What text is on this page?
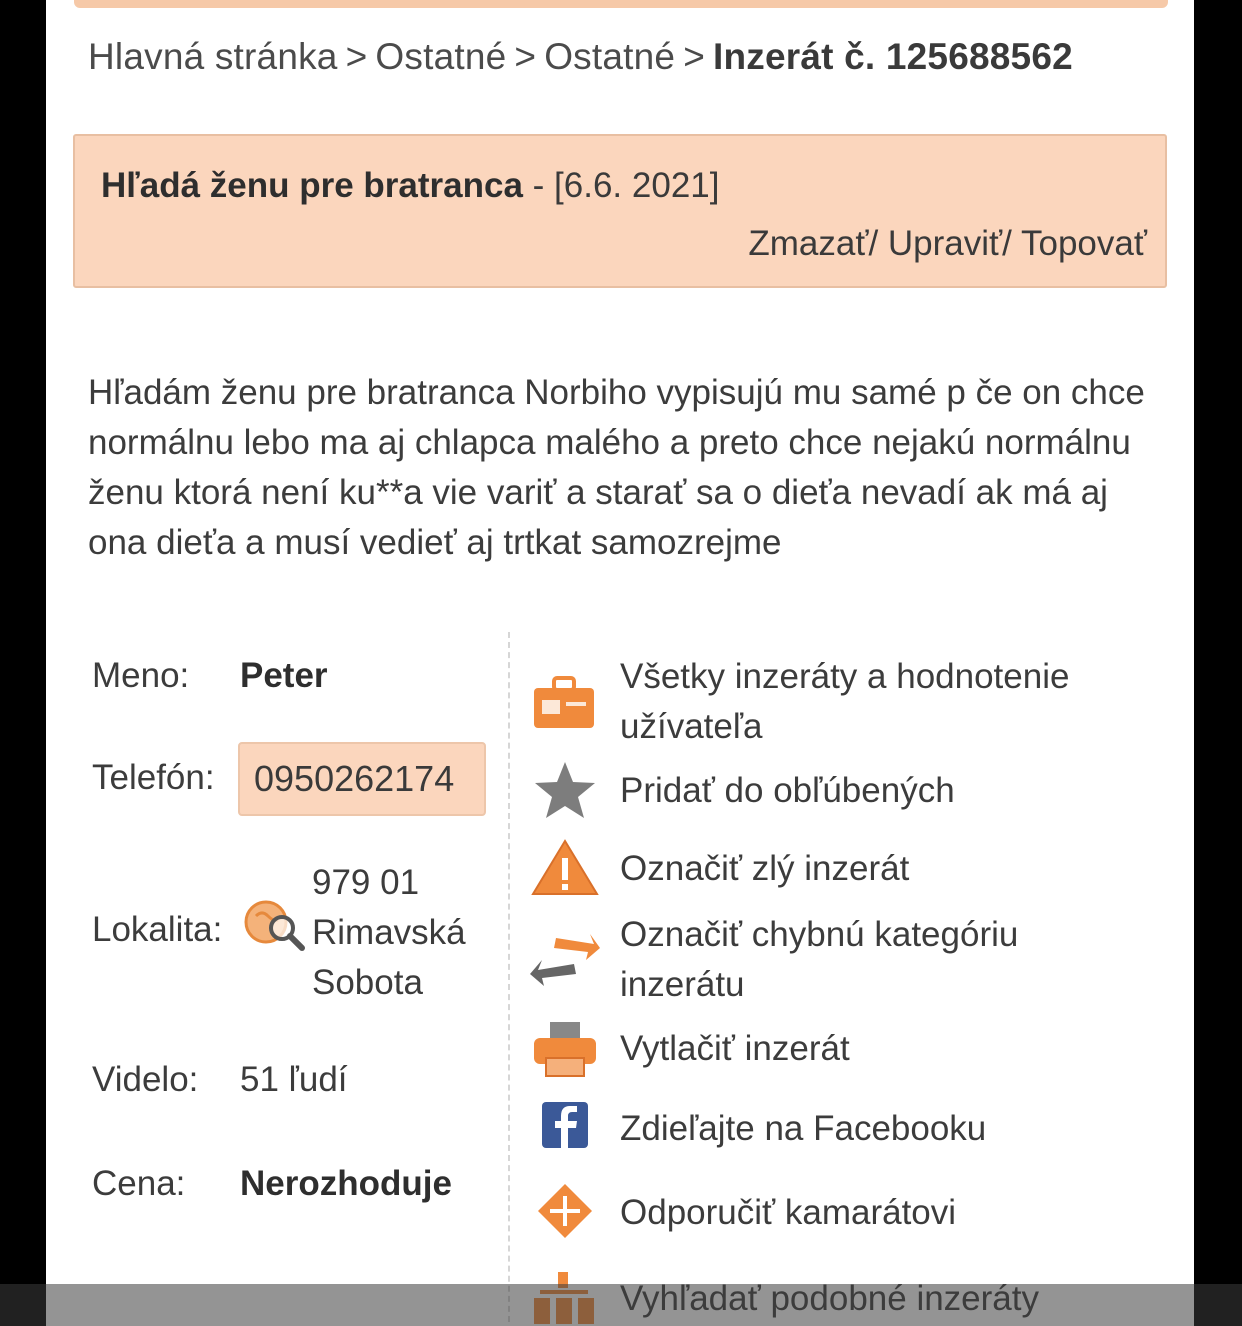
Hlavná stránka > Ostatné > Ostatné > Inzerát č. 125688562
Hľadá ženu pre bratranca - [6.6. 2021]
Zmazať/ Upraviť/ Topovať
Hľadám ženu pre bratranca Norbiho vypisujú mu samé p če on chce normálnu lebo ma aj chlapca malého a preto chce nejakú normálnu ženu ktorá není ku**a vie variť a starať sa o dieťa nevadí ak má aj ona dieťa a musí vedieť aj trtkat samozrejme
Meno: Peter
Telefón:	0950262174
Lokalita:
979 01
Rimavská
Sobota
Videlo: 51 ľudí
Cena: Nerozhoduje
Všetky inzeráty a hodnotenie užívateľa
Pridať do obľúbených
Označiť zlý inzerát
Označiť chybnú kategóriu inzerátu
Vytlačiť inzerát
Zdieľajte na Facebooku
Odporučiť kamarátovi
